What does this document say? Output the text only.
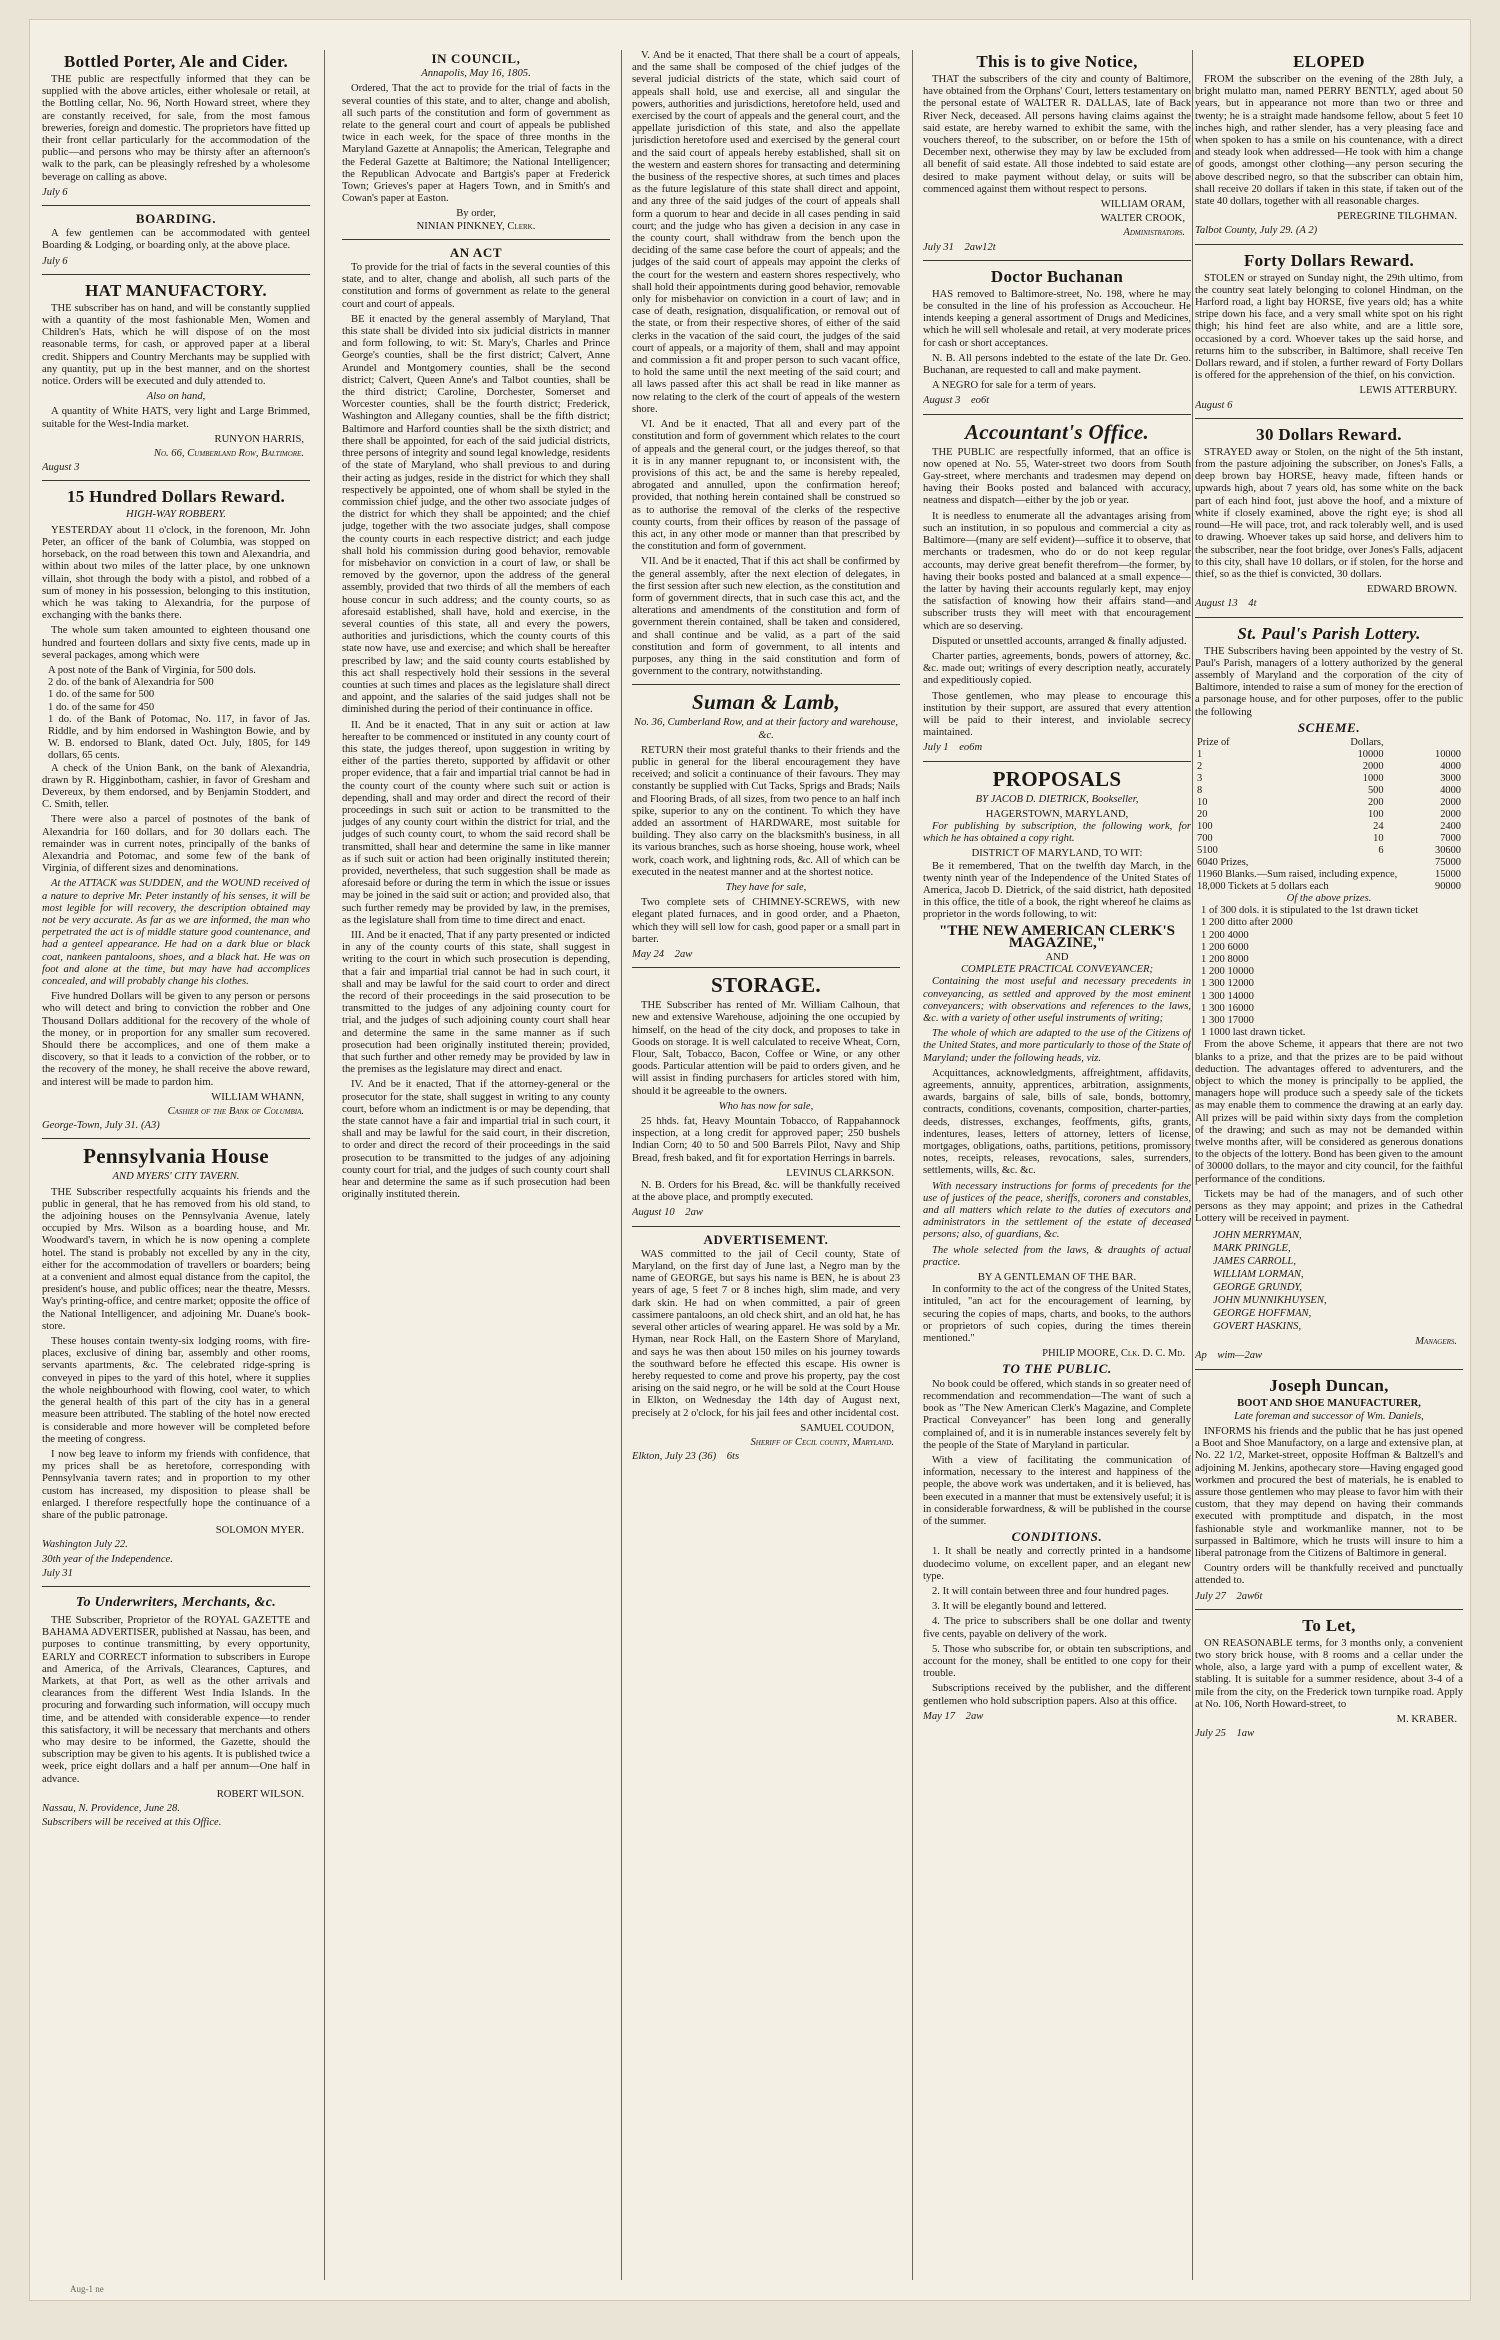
Bottled Porter, Ale and Cider.

THE public are respectfully informed that they can be supplied with the above articles, either wholesale or retail, at the Bottling cellar, No. 96, North Howard street, where they are constantly received, for sale, from the most famous breweries, foreign and domestic. The proprietors have fitted up their front cellar particularly for the accommodation of the public—and persons who may be thirsty after an afternoon's walk to the park, can be pleasingly refreshed by a wholesome beverage on calling as above.

July 6
BOARDING.

A few gentlemen can be accommodated with genteel Boarding & Lodging, or boarding only, at the above place.

July 6
HAT MANUFACTORY.

THE subscriber has on hand, and will be constantly supplied with a quantity of the most fashionable Men, Women and Children's Hats, which he will dispose of on the most reasonable terms, for cash, or approved paper at a liberal credit. Shippers and Country Merchants may be supplied with any quantity, put up in the best manner, and on the shortest notice. Orders will be executed and duly attended to.

Also on hand,

A quantity of White HATS, very light and Large Brimmed, suitable for the West-India market.

RUNYON HARRIS,
No. 66, Cumberland Row, Baltimore.
August 3
15 Hundred Dollars Reward.
HIGH-WAY ROBBERY.

YESTERDAY about 11 o'clock, in the forenoon, Mr. John Peter, an officer of the bank of Columbia, was stopped on horseback, on the road between this town and Alexandria, and within about two miles of the latter place, by one unknown villain, shot through the body with a pistol, and robbed of a sum of money in his possession, belonging to this institution, which he was taking to Alexandria, for the purpose of exchanging with the banks there.

The whole sum taken amounted to eighteen thousand one hundred and fourteen dollars and sixty five cents, made up in several packages, among which were

A post note of the Bank of Virginia, for 500 dols.

2 do. of the bank of Alexandria for 500

1 do. of the same for 500

1 do. of the same for 450

1 do. of the Bank of Potomac, No. 117, in favor of Jas. Riddle, and by him endorsed in Washington Bowie, and by W. B. endorsed to Blank, dated Oct. July, 1805, for 149 dollars, 65 cents.

A check of the Union Bank, on the bank of Alexandria, drawn by R. Higginbotham, cashier, in favor of Gresham and Devereux, by them endorsed, and by Benjamin Stoddert, and C. Smith, teller.

There were also a parcel of postnotes of the bank of Alexandria for 160 dollars, and for 30 dollars each. The remainder was in current notes, principally of the banks of Alexandria and Potomac, and some few of the bank of Virginia, of different sizes and denominations.

At the ATTACK was SUDDEN, and the WOUND received of a nature to deprive Mr. Peter instantly of his senses, it will be most legible for will recovery, the description obtained may not be very accurate. As far as we are informed, the man who perpetrated the act is of middle stature good countenance, and had a genteel appearance. He had on a dark blue or black coat, nankeen pantaloons, shoes, and a black hat. He was on foot and alone at the time, but may have had accomplices concealed, and will probably change his clothes.

Five hundred Dollars will be given to any person or persons who will detect and bring to conviction the robber and One Thousand Dollars additional for the recovery of the whole of the money, or in proportion for any smaller sum recovered. Should there be accomplices, and one of them make a discovery, so that it leads to a conviction of the robber, or to the recovery of the money, he shall receive the above reward, and interest will be made to pardon him.

WILLIAM WHANN,
Cashier of the Bank of Columbia.
George-Town, July 31. (A3)
Pennsylvania House
AND MYERS' CITY TAVERN.

THE Subscriber respectfully acquaints his friends and the public in general, that he has removed from his old stand, to the adjoining houses on the Pennsylvania Avenue, lately occupied by Mrs. Wilson as a boarding house, and Mr. Woodward's tavern, in which he is now opening a complete hotel. The stand is probably not excelled by any in the city, either for the accommodation of travellers or boarders; being at a convenient and almost equal distance from the capitol, the president's house, and public offices; near the theatre, Messrs. Way's printing-office, and centre market; opposite the office of the National Intelligencer, and adjoining Mr. Duane's book-store.

These houses contain twenty-six lodging rooms, with fire-places, exclusive of dining bar, assembly and other rooms, servants apartments, &c. The celebrated ridge-spring is conveyed in pipes to the yard of this hotel, where it supplies the whole neighbourhood with flowing, cool water, to which the general health of this part of the city has in a general measure been attributed. The stabling of the hotel now erected is considerable and more however will be completed before the meeting of congress.

I now beg leave to inform my friends with confidence, that my prices shall be as heretofore, corresponding with Pennsylvania tavern rates; and in proportion to my other custom has increased, my disposition to please shall be enlarged. I therefore respectfully hope the continuance of a share of the public patronage.

SOLOMON MYER.
Washington July 22.
30th year of the Independence.
July 31
To Underwriters, Merchants, &c.

THE Subscriber, Proprietor of the ROYAL GAZETTE and BAHAMA ADVERTISER, published at Nassau, has been, and purposes to continue transmitting, by every opportunity, EARLY and CORRECT information to subscribers in Europe and America, of the Arrivals, Clearances, Captures, and Markets, at that Port, as well as the other arrivals and clearances from the different West India Islands. In the procuring and forwarding such information, will occupy much time, and be attended with considerable expence—to render this satisfactory, it will be necessary that merchants and others who may desire to be informed, the Gazette, should the subscription may be given to his agents. It is published twice a week, price eight dollars and a half per annum—One half in advance.

ROBERT WILSON.
Nassau, N. Providence, June 28.
Subscribers will be received at this Office.
IN COUNCIL,
Annapolis, May 16, 1805.

Ordered, That the act to provide for the trial of facts in the several counties of this state, and to alter, change and abolish, all such parts of the constitution and form of government as relate to the general court and court of appeals be published twice in each week, for the space of three months in the Maryland Gazette at Annapolis; the American, Telegraphe and the Federal Gazette at Baltimore; the National Intelligencer; the Republican Advocate and Bartgis's paper at Frederick Town; Grieves's paper at Hagers Town, and in Smith's and Cowan's paper at Easton.

By order,
NINIAN PINKNEY, Clerk.
AN ACT

To provide for the trial of facts in the several counties of this state, and to alter, change and abolish, all such parts of the constitution and forms of government as relate to the general court and court of appeals.

BE it enacted by the general assembly of Maryland, That this state shall be divided into six judicial districts in manner and form following, to wit: St. Mary's, Charles and Prince George's counties, shall be the first district; Calvert, Anne Arundel and Montgomery counties, shall be the second district; Calvert, Queen Anne's and Talbot counties, shall be the third district; Caroline, Dorchester, Somerset and Worcester counties, shall be the fourth district; Frederick, Washington and Allegany counties, shall be the fifth district; Baltimore and Harford counties shall be the sixth district; and there shall be appointed, for each of the said judicial districts, three persons of integrity and sound legal knowledge, residents of the state of Maryland, who shall previous to and during their acting as judges, reside in the district for which they shall respectively be appointed, one of whom shall be styled in the commission chief judge, and the other two associate judges of the district for which they shall be appointed; and the chief judge, together with the two associate judges, shall compose the county courts in each respective district; and each judge shall hold his commission during good behavior, removable for misbehavior on conviction in a court of law, or shall be removed by the governor, upon the address of the general assembly, provided that two thirds of all the members of each house concur in such address; and the county courts, so as aforesaid established, shall have, hold and exercise, in the several counties of this state, all and every the powers, authorities and jurisdictions, which the county courts of this state now have, use and exercise; and which shall be hereafter prescribed by law; and the said county courts established by this act shall respectively hold their sessions in the several counties at such times and places as the legislature shall direct and appoint, and the salaries of the said judges shall not be diminished during the period of their continuance in office.

II. And be it enacted, That in any suit or action at law hereafter to be commenced or instituted in any county court of this state, the judges thereof, upon suggestion in writing by either of the parties thereto, supported by affidavit or other proper evidence, that a fair and impartial trial cannot be had in the county court of the county where such suit or action is depending, shall and may order and direct the record of their proceedings in such suit or action to be transmitted to the judges of any county court within the district for trial, and the judges of such county court, to whom the said record shall be transmitted, shall hear and determine the same in like manner as if such suit or action had been originally instituted therein; provided, nevertheless, that such suggestion shall be made as aforesaid before or during the term in which the issue or issues may be joined in the said suit or action; and provided also, that such further remedy may be provided by law, in the premises, as the legislature shall from time to time direct and enact.

III. And be it enacted, That if any party presented or indicted in any of the county courts of this state, shall suggest in writing to the court in which such prosecution is depending, that a fair and impartial trial cannot be had in such court, it shall and may be lawful for the said court to order and direct the record of their proceedings in the said prosecution to be transmitted to the judges of any adjoining county court for trial, and the judges of such adjoining county court shall hear and determine the same in the same manner as if such prosecution had been originally instituted therein; provided, that such further and other remedy may be provided by law in the premises as the legislature may direct and enact.

IV. And be it enacted, That if the attorney-general or the prosecutor for the state, shall suggest in writing to any county court, before whom an indictment is or may be depending, that the state cannot have a fair and impartial trial in such court, it shall and may be lawful for the said court, in their discretion, to order and direct the record of their proceedings in the said prosecution to be transmitted to the judges of any adjoining county court for trial, and the judges of such county court shall hear and determine the same as if such prosecution had been originally instituted therein.

V. And be it enacted, That there shall be a court of appeals, and the same shall be composed of the chief judges of the several judicial districts of the state, which said court of appeals shall hold, use and exercise, all and singular the powers, authorities and jurisdictions, heretofore held, used and exercised by the court of appeals and the general court, and the appellate jurisdiction of this state, and also the appellate jurisdiction heretofore used and exercised by the general court and the said court of appeals hereby established, shall sit on the western and eastern shores for transacting and determining the business of the respective shores, at such times and places as the future legislature of this state shall direct and appoint, and any three of the said judges of the court of appeals shall form a quorum to hear and decide in all cases pending in said court; and the judge who has given a decision in any case in the county court, shall withdraw from the bench upon the deciding of the same case before the court of appeals; and the judges of the said court of appeals may appoint the clerks of the court for the western and eastern shores respectively, who shall hold their appointments during good behavior, removable only for misbehavior on conviction in a court of law; and in case of death, resignation, disqualification, or removal out of the state, or from their respective shores, of either of the said clerks in the vacation of the said court, the judges of the said court of appeals, or a majority of them, shall and may appoint and commission a fit and proper person to such vacant office, to hold the same until the next meeting of the said court; and all laws passed after this act shall be read in like manner as now relating to the clerk of the court of appeals of the western shore.

VI. And be it enacted, That all and every part of the constitution and form of government which relates to the court of appeals and the general court, or the judges thereof, so that it is in any manner repugnant to, or inconsistent with, the provisions of this act, be and the same is hereby repealed, abrogated and annulled, upon the confirmation hereof; provided, that nothing herein contained shall be construed so as to authorise the removal of the clerks of the respective county courts, from their offices by reason of the passage of this act, in any other mode or manner than that prescribed by the constitution and form of government.

VII. And be it enacted, That if this act shall be confirmed by the general assembly, after the next election of delegates, in the first session after such new election, as the constitution and form of government directs, that in such case this act, and the alterations and amendments of the constitution and form of government therein contained, shall be taken and considered, and shall continue and be valid, as a part of the said constitution and form of government, to all intents and purposes, any thing in the said constitution and form of government to the contrary, notwithstanding.

Suman & Lamb,
No. 36, Cumberland Row, and at their factory and warehouse, &c.

RETURN their most grateful thanks to their friends and the public in general for the liberal encouragement they have received; and solicit a continuance of their favours. They may constantly be supplied with Cut Tacks, Sprigs and Brads; Nails and Flooring Brads, of all sizes, from two pence to an half inch spike, superior to any on the continent. To which they have added an assortment of HARDWARE, most suitable for building. They also carry on the blacksmith's business, in all its various branches, such as horse shoeing, house work, wheel work, coach work, and lightning rods, &c. All of which can be executed in the neatest manner and at the shortest notice.

They have for sale,

Two complete sets of CHIMNEY-SCREWS, with new elegant plated furnaces, and in good order, and a Phaeton, which they will sell low for cash, good paper or a small part in barter.

May 24 2aw
STORAGE.

THE Subscriber has rented of Mr. William Calhoun, that new and extensive Warehouse, adjoining the one occupied by himself, on the head of the city dock, and proposes to take in Goods on storage. It is well calculated to receive Wheat, Corn, Flour, Salt, Tobacco, Bacon, Coffee or Wine, or any other goods. Particular attention will be paid to orders given, and he will assist in finding purchasers for articles stored with him, should it be agreeable to the owners.

Who has now for sale,

25 hhds. fat, Heavy Mountain Tobacco, of Rappahannock inspection, at a long credit for approved paper; 250 bushels Indian Corn; 40 to 50 and 500 Barrels Pilot, Navy and Ship Bread, fresh baked, and fit for exportation Herrings in barrels.

LEVINUS CLARKSON.

N. B. Orders for his Bread, &c. will be thankfully received at the above place, and promptly executed.

August 10 2aw
ADVERTISEMENT.

WAS committed to the jail of Cecil county, State of Maryland, on the first day of June last, a Negro man by the name of GEORGE, but says his name is BEN, he is about 23 years of age, 5 feet 7 or 8 inches high, slim made, and very dark skin. He had on when committed, a pair of green cassimere pantaloons, an old check shirt, and an old hat, he has several other articles of wearing apparel. He was sold by a Mr. Hyman, near Rock Hall, on the Eastern Shore of Maryland, and says he was then about 150 miles on his journey towards the southward before he effected this escape. His owner is hereby requested to come and prove his property, pay the cost arising on the said negro, or he will be sold at the Court House in Elkton, on Wednesday the 14th day of August next, precisely at 2 o'clock, for his jail fees and other incidental cost.

SAMUEL COUDON,
Sheriff of Cecil county, Maryland.
Elkton, July 23 (36) 6ts
This is to give Notice,

THAT the subscribers of the city and county of Baltimore, have obtained from the Orphans' Court, letters testamentary on the personal estate of WALTER R. DALLAS, late of Back River Neck, deceased. All persons having claims against the said estate, are hereby warned to exhibit the same, with the vouchers thereof, to the subscriber, on or before the 15th of December next, otherwise they may by law be excluded from all benefit of said estate. All those indebted to said estate are desired to make payment without delay, or suits will be commenced against them without respect to persons.

WILLIAM ORAM,
WALTER CROOK,
Administrators.
July 31 2aw12t
Doctor Buchanan

HAS removed to Baltimore-street, No. 198, where he may be consulted in the line of his profession as Accoucheur. He intends keeping a general assortment of Drugs and Medicines, which he will sell wholesale and retail, at very moderate prices for cash or short acceptances.

N. B. All persons indebted to the estate of the late Dr. Geo. Buchanan, are requested to call and make payment.

A NEGRO for sale for a term of years.

August 3 eo6t
Accountant's Office.

THE PUBLIC are respectfully informed, that an office is now opened at No. 55, Water-street two doors from South Gay-street, where merchants and tradesmen may depend on having their Books posted and balanced with accuracy, neatness and dispatch—either by the job or year.

It is needless to enumerate all the advantages arising from such an institution, in so populous and commercial a city as Baltimore—(many are self evident)—suffice it to observe, that merchants or tradesmen, who do or do not keep regular accounts, may derive great benefit therefrom—the former, by having their books posted and balanced at a small expence—the latter by having their accounts regularly kept, may enjoy the satisfaction of knowing how their affairs stand—and subscriber trusts they will meet with that encouragement which are so deserving.

Disputed or unsettled accounts, arranged & finally adjusted.

Charter parties, agreements, bonds, powers of attorney, &c. &c. made out; writings of every description neatly, accurately and expeditiously copied.

Those gentlemen, who may please to encourage this institution by their support, are assured that every attention will be paid to their interest, and inviolable secrecy maintained.

July 1 eo6m
PROPOSALS
BY JACOB D. DIETRICK, Bookseller,
HAGERSTOWN, MARYLAND,

For publishing by subscription, the following work, for which he has obtained a copy right.

DISTRICT OF MARYLAND, TO WIT:

Be it remembered, That on the twelfth day March, in the twenty ninth year of the Independence of the United States of America, Jacob D. Dietrick, of the said district, hath deposited in this office, the title of a book, the right whereof he claims as proprietor in the words following, to wit:

"THE NEW AMERICAN CLERK'S MAGAZINE,"
AND
COMPLETE PRACTICAL CONVEYANCER;

Containing the most useful and necessary precedents in conveyancing, as settled and approved by the most eminent conveyancers; with observations and references to the laws, &c. with a variety of other useful instruments of writing;

The whole of which are adapted to the use of the Citizens of the United States, and more particularly to those of the State of Maryland; under the following heads, viz.

Acquittances, acknowledgments, affreightment, affidavits, agreements, annuity, apprentices, arbitration, assignments, awards, bargains of sale, bills of sale, bonds, bottomry, contracts, conditions, covenants, composition, charter-parties, deeds, distresses, exchanges, feoffments, gifts, grants, indentures, leases, letters of attorney, letters of license, mortgages, obligations, oaths, partitions, petitions, promissory notes, receipts, releases, revocations, sales, surrenders, settlements, wills, &c. &c.

With necessary instructions for forms of precedents for the use of justices of the peace, sheriffs, coroners and constables, and all matters which relate to the duties of executors and administrators in the settlement of the estate of deceased persons; also, of guardians, &c.

The whole selected from the laws, & draughts of actual practice.

BY A GENTLEMAN OF THE BAR.

In conformity to the act of the congress of the United States, intituled, "an act for the encouragement of learning, by securing the copies of maps, charts, and books, to the authors or proprietors of such copies, during the times therein mentioned."

PHILIP MOORE, Clk. D. C. Md.
TO THE PUBLIC.

No book could be offered, which stands in so greater need of recommendation and recommendation—The want of such a book as "The New American Clerk's Magazine, and Complete Practical Conveyancer" has been long and generally complained of, and it is in numerable instances severely felt by the people of the State of Maryland in particular.

With a view of facilitating the communication of information, necessary to the interest and happiness of the people, the above work was undertaken, and it is believed, has been executed in a manner that must be extensively useful; it is in considerable forwardness, & will be published in the course of the summer.

CONDITIONS.

1. It shall be neatly and correctly printed in a handsome duodecimo volume, on excellent paper, and an elegant new type.

2. It will contain between three and four hundred pages.

3. It will be elegantly bound and lettered.

4. The price to subscribers shall be one dollar and twenty five cents, payable on delivery of the work.

5. Those who subscribe for, or obtain ten subscriptions, and account for the money, shall be entitled to one copy for their trouble.

Subscriptions received by the publisher, and the different gentlemen who hold subscription papers. Also at this office.

May 17 2aw
ELOPED

FROM the subscriber on the evening of the 28th July, a bright mulatto man, named PERRY BENTLY, aged about 50 years, but in appearance not more than two or three and twenty; he is a straight made handsome fellow, about 5 feet 10 inches high, and rather slender, has a very pleasing face and when spoken to has a smile on his countenance, with a direct and steady look when addressed—He took with him a change of goods, amongst other clothing—any person securing the above described negro, so that the subscriber can obtain him, shall receive 20 dollars if taken in this state, if taken out of the state 40 dollars, together with all reasonable charges.

PEREGRINE TILGHMAN.
Talbot County, July 29. (A 2)
Forty Dollars Reward.

STOLEN or strayed on Sunday night, the 29th ultimo, from the country seat lately belonging to colonel Hindman, on the Harford road, a light bay HORSE, five years old; has a white stripe down his face, and a very small white spot on his right thigh; his hind feet are also white, and are a little sore, occasioned by a cord. Whoever takes up the said horse, and returns him to the subscriber, in Baltimore, shall receive Ten Dollars reward, and if stolen, a further reward of Forty Dollars is offered for the apprehension of the thief, on his conviction.

LEWIS ATTERBURY.
August 6
30 Dollars Reward.

STRAYED away or Stolen, on the night of the 5th instant, from the pasture adjoining the subscriber, on Jones's Falls, a deep brown bay HORSE, heavy made, fifteen hands or upwards high, about 7 years old, has some white on the back part of each hind foot, just above the hoof, and a mixture of white if closely examined, above the right eye; is shod all round—He will pace, trot, and rack tolerably well, and is used to drawing. Whoever takes up said horse, and delivers him to the subscriber, near the foot bridge, over Jones's Falls, adjacent to this city, shall have 10 dollars, or if stolen, for the horse and thief, so as the thief is convicted, 30 dollars.

EDWARD BROWN.
August 13 4t
St. Paul's Parish Lottery.

THE Subscribers having been appointed by the vestry of St. Paul's Parish, managers of a lottery authorized by the general assembly of Maryland and the corporation of the city of Baltimore, intended to raise a sum of money for the erection of a parsonage house, and for other purposes, offer to the public the following

SCHEME.
Prize of	Dollars,	
1	10000	10000
2	2000	4000
3	1000	3000
8	500	4000
10	200	2000
20	100	2000
100	24	2400
700	10	7000
5100	6	30600
6040 Prizes,	75000
11960 Blanks.—Sum raised, including expence,	15000
18,000 Tickets at 5 dollars each	90000
Of the above prizes.

1 of 300 dols. it is stipulated to the 1st drawn ticket

1 200 ditto after 2000

1 200 4000

1 200 6000

1 200 8000

1 200 10000

1 300 12000

1 300 14000

1 300 16000

1 300 17000

1 1000 last drawn ticket.

From the above Scheme, it appears that there are not two blanks to a prize, and that the prizes are to be paid without deduction. The advantages offered to adventurers, and the object to which the money is principally to be applied, the managers hope will produce such a speedy sale of the tickets as may enable them to commence the drawing at an early day. All prizes will be paid within sixty days from the completion of the drawing; and such as may not be demanded within twelve months after, will be considered as generous donations to the objects of the lottery. Bond has been given to the amount of 30000 dollars, to the mayor and city council, for the faithful performance of the conditions.

Tickets may be had of the managers, and of such other persons as they may appoint; and prizes in the Cathedral Lottery will be received in payment.

JOHN MERRYMAN,
MARK PRINGLE,
JAMES CARROLL,
WILLIAM LORMAN,
GEORGE GRUNDY,
JOHN MUNNIKHUYSEN,
GEORGE HOFFMAN,
GOVERT HASKINS,
Managers.
Ap wim—2aw
Joseph Duncan,
BOOT AND SHOE MANUFACTURER,
Late foreman and successor of Wm. Daniels,

INFORMS his friends and the public that he has just opened a Boot and Shoe Manufactory, on a large and extensive plan, at No. 22 1/2, Market-street, opposite Hoffman & Baltzell's and adjoining M. Jenkins, apothecary store—Having engaged good workmen and procured the best of materials, he is enabled to assure those gentlemen who may please to favor him with their custom, that they may depend on having their commands executed with promptitude and dispatch, in the most fashionable style and workmanlike manner, not to be surpassed in Baltimore, which he trusts will insure to him a liberal patronage from the Citizens of Baltimore in general.

Country orders will be thankfully received and punctually attended to.

July 27 2aw6t
To Let,

ON REASONABLE terms, for 3 months only, a convenient two story brick house, with 8 rooms and a cellar under the whole, also, a large yard with a pump of excellent water, & stabling. It is suitable for a summer residence, about 3-4 of a mile from the city, on the Frederick town turnpike road. Apply at No. 106, North Howard-street, to

M. KRABER.
July 25 1aw
Aug-1 ne
